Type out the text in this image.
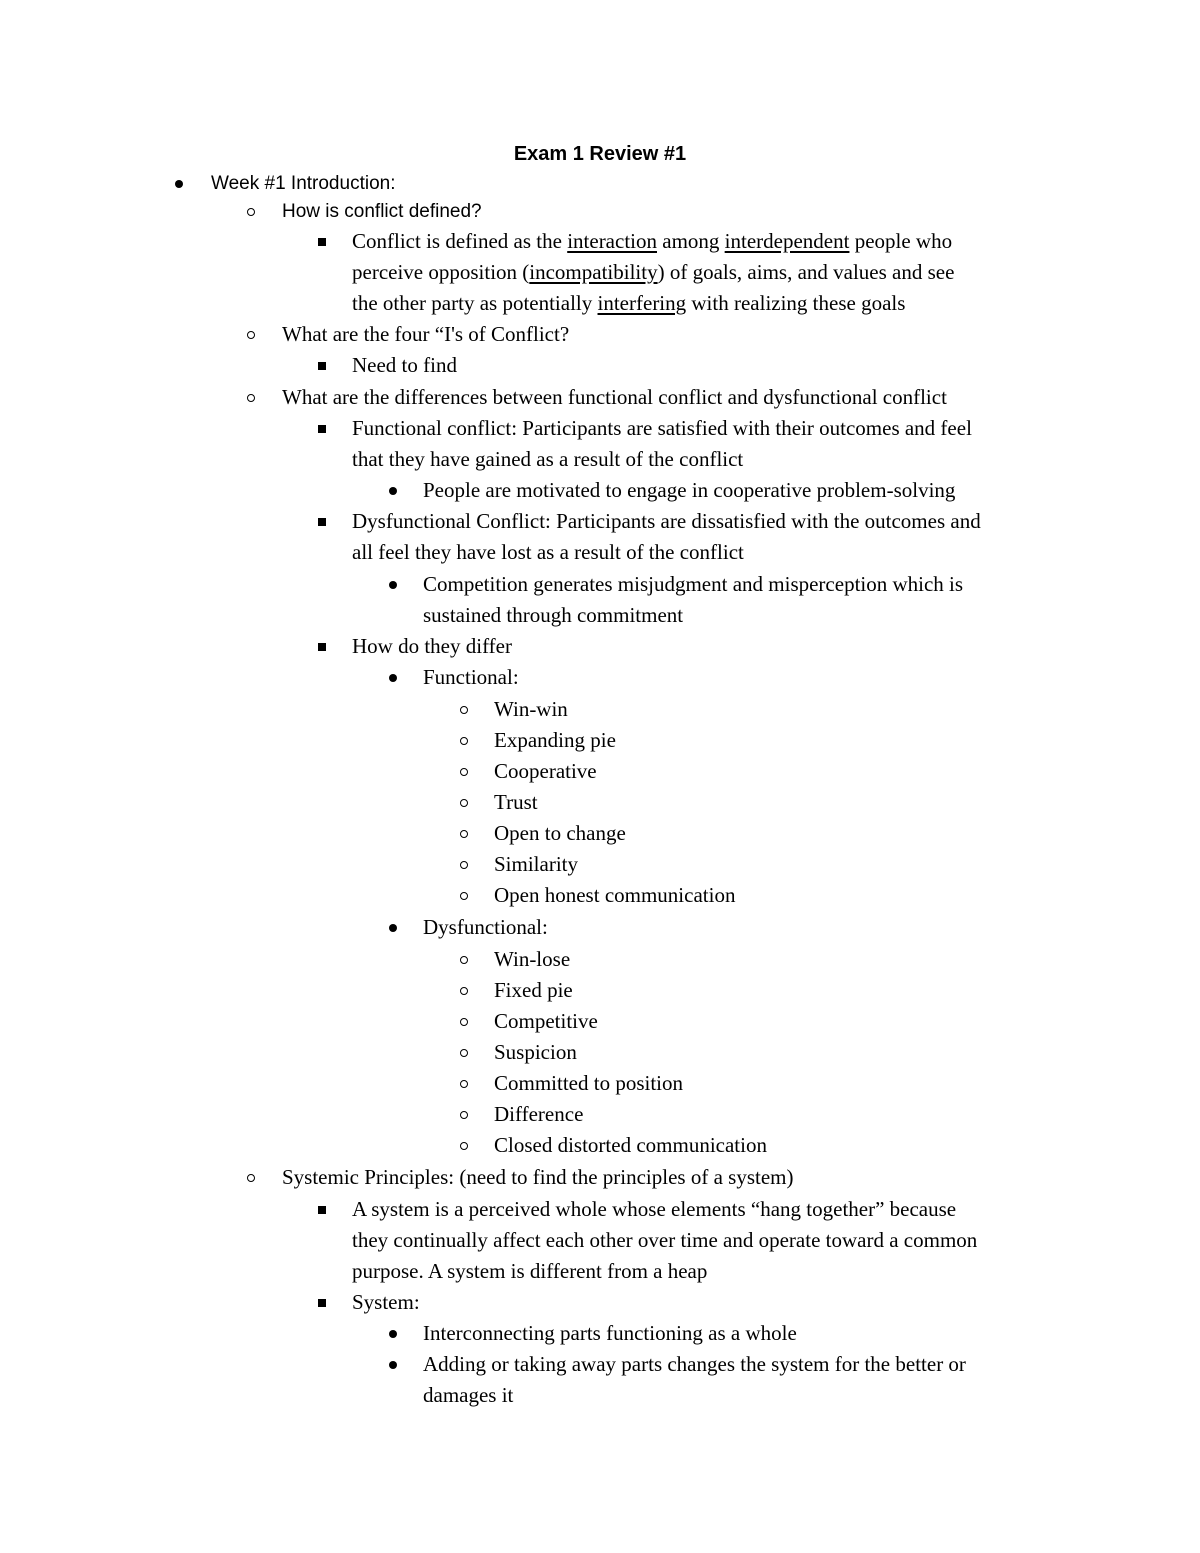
Exam 1 Review #1
Week #1 Introduction:
How is conflict defined?
Conflict is defined as the interaction among interdependent people who
perceive opposition (incompatibility) of goals, aims, and values and see
the other party as potentially interfering with realizing these goals
What are the four “I's of Conflict?
Need to find
What are the differences between functional conflict and dysfunctional conflict
Functional conflict: Participants are satisfied with their outcomes and feel
that they have gained as a result of the conflict
People are motivated to engage in cooperative problem-solving
Dysfunctional Conflict: Participants are dissatisfied with the outcomes and
all feel they have lost as a result of the conflict
Competition generates misjudgment and misperception which is
sustained through commitment
How do they differ
Functional:
Win-win
Expanding pie
Cooperative
Trust
Open to change
Similarity
Open honest communication
Dysfunctional:
Win-lose
Fixed pie
Competitive
Suspicion
Committed to position
Difference
Closed distorted communication
Systemic Principles: (need to find the principles of a system)
A system is a perceived whole whose elements “hang together” because
they continually affect each other over time and operate toward a common
purpose. A system is different from a heap
System:
Interconnecting parts functioning as a whole
Adding or taking away parts changes the system for the better or
damages it
